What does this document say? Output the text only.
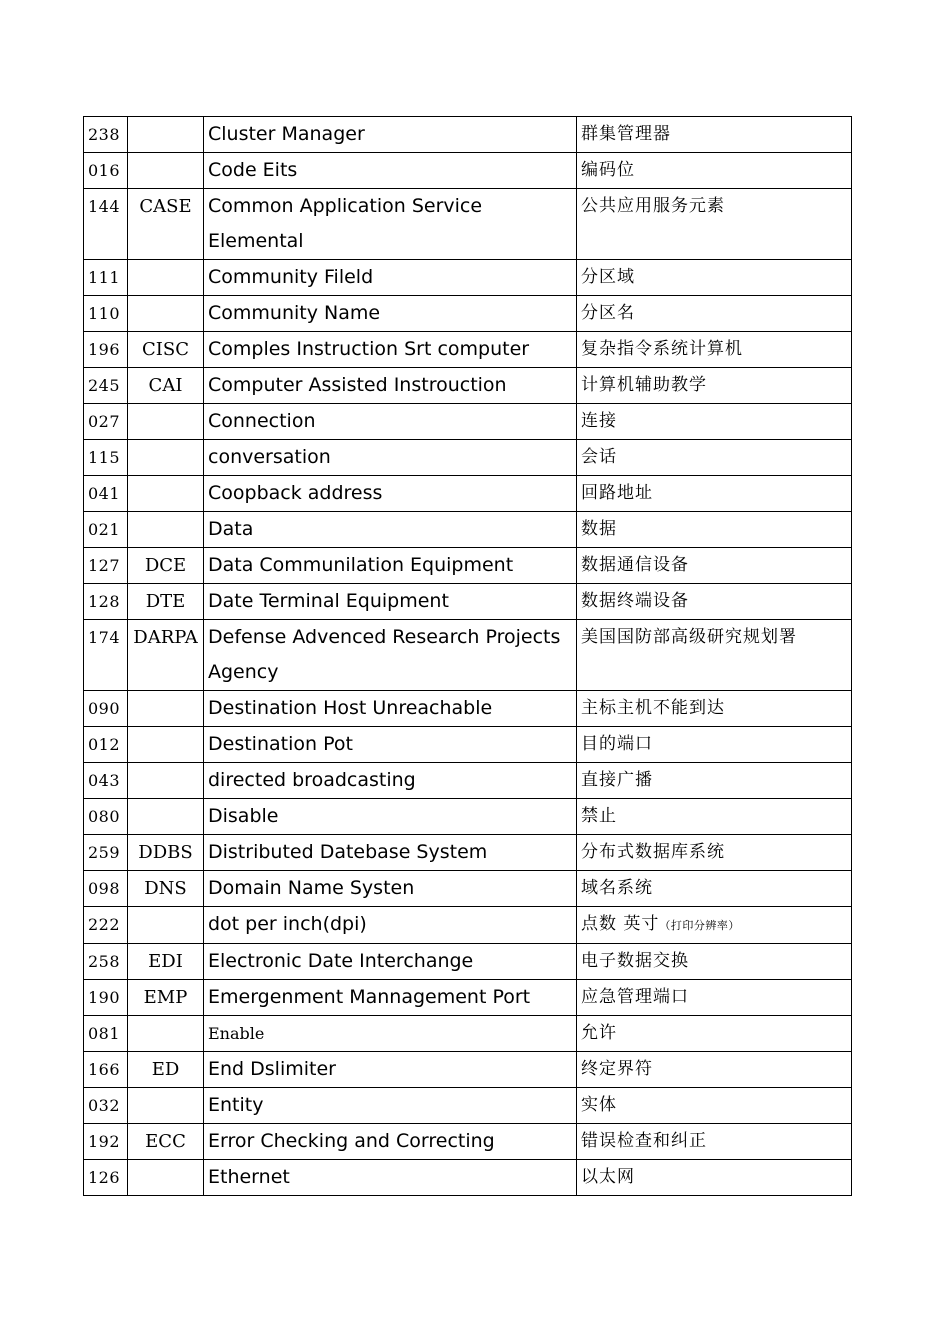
238		Cluster Manager	群集管理器
016		Code Eits	编码位
144	CASE	Common Application Service Elemental	公共应用服务元素
111		Community Fileld	分区域
110		Community Name	分区名
196	CISC	Comples Instruction Srt computer	复杂指令系统计算机
245	CAI	Computer Assisted Instrouction	计算机辅助教学
027		Connection	连接
115		conversation	会话
041		Coopback address	回路地址
021		Data	数据
127	DCE	Data Communilation Equipment	数据通信设备
128	DTE	Date Terminal Equipment	数据终端设备
174	DARPA	Defense Advenced Research Projects Agency	美国国防部高级研究规划署
090		Destination Host Unreachable	主标主机不能到达
012		Destination Pot	目的端口
043		directed broadcasting	直接广播
080		Disable	禁止
259	DDBS	Distributed Datebase System	分布式数据库系统
098	DNS	Domain Name Systen	域名系统
222		dot per inch(dpi)	点数 英寸（打印分辨率）
258	EDI	Electronic Date Interchange	电子数据交换
190	EMP	Emergenment Mannagement Port	应急管理端口
081		Enable	允许
166	ED	End Dslimiter	终定界符
032		Entity	实体
192	ECC	Error Checking and Correcting	错误检查和纠正
126		Ethernet	以太网
